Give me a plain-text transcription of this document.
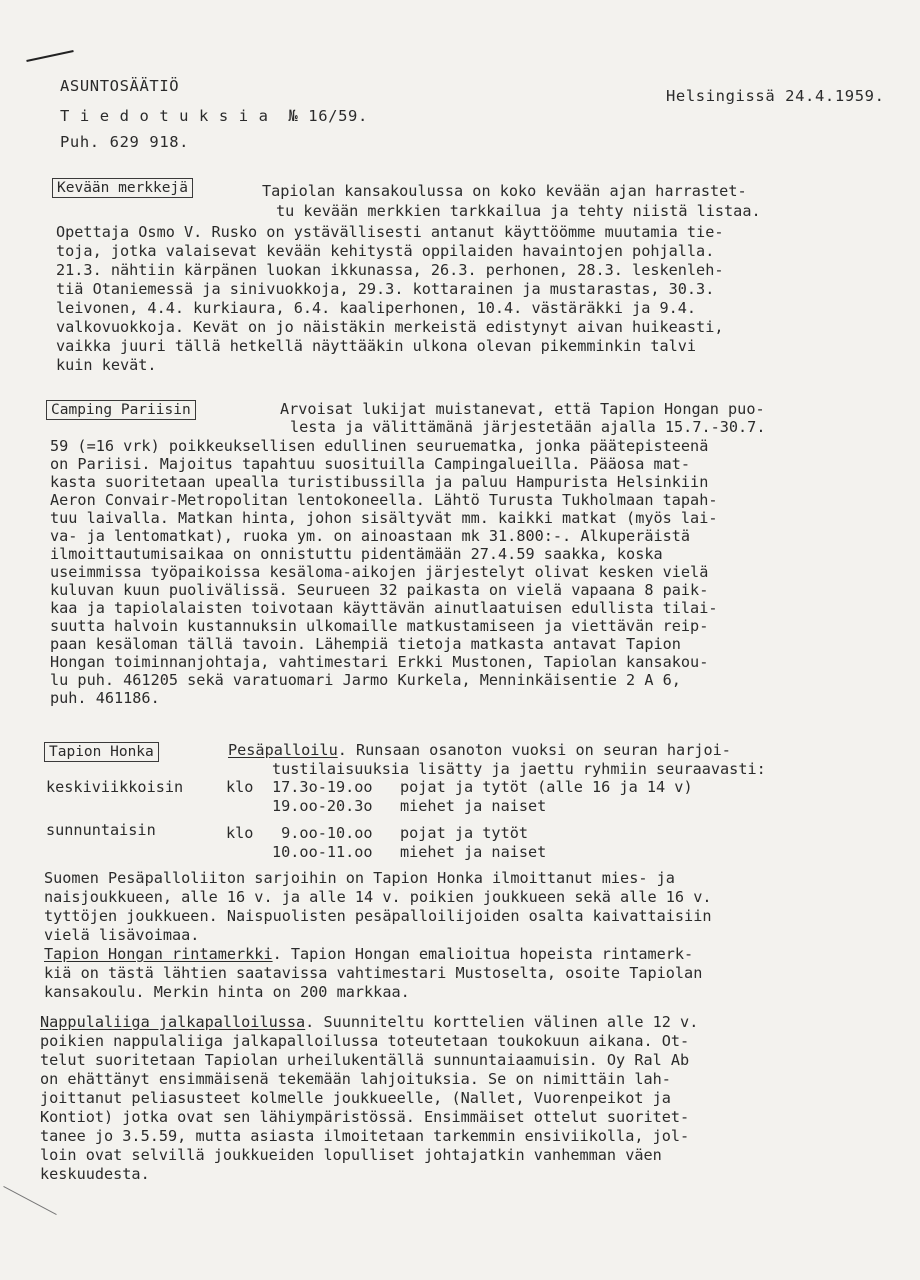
ASUNTOSÄÄTIÖ
T i e d o t u k s i a  № 16/59.
Puh. 629 918.
Helsingissä 24.4.1959.
Kevään merkkejä	Tapiolan kansakoulussa on koko kevään ajan harrastet-
tu kevään merkkien tarkkailua ja tehty niistä listaa.
Opettaja Osmo V. Rusko on ystävällisesti antanut käyttöömme muutamia tie-
toja, jotka valaisevat kevään kehitystä oppilaiden havaintojen pohjalla.
21.3. nähtiin kärpänen luokan ikkunassa, 26.3. perhonen, 28.3. leskenleh-
tiä Otaniemessä ja sinivuokkoja, 29.3. kottarainen ja mustarastas, 30.3.
leivonen, 4.4. kurkiaura, 6.4. kaaliperhonen, 10.4. västäräkki ja 9.4.
valkovuokkoja. Kevät on jo näistäkin merkeistä edistynyt aivan huikeasti,
vaikka juuri tällä hetkellä näyttääkin ulkona olevan pikemminkin talvi
kuin kevät.
Camping Pariisin	Arvoisat lukijat muistanevat, että Tapion Hongan puo-
lesta ja välittämänä järjestetään ajalla 15.7.-30.7.
59 (=16 vrk) poikkeuksellisen edullinen seuruematka, jonka päätepisteenä
on Pariisi. Majoitus tapahtuu suosituilla Campingalueilla. Pääosa mat-
kasta suoritetaan upealla turistibussilla ja paluu Hampurista Helsinkiin
Aeron Convair-Metropolitan lentokoneella. Lähtö Turusta Tukholmaan tapah-
tuu laivalla. Matkan hinta, johon sisältyvät mm. kaikki matkat (myös lai-
va- ja lentomatkat), ruoka ym. on ainoastaan mk 31.800:-. Alkuperäistä
ilmoittautumisaikaa on onnistuttu pidentämään 27.4.59 saakka, koska
useimmissa työpaikoissa kesäloma-aikojen järjestelyt olivat kesken vielä
kuluvan kuun puolivälissä. Seurueen 32 paikasta on vielä vapaana 8 paik-
kaa ja tapiolalaisten toivotaan käyttävän ainutlaatuisen edullista tilai-
suutta halvoin kustannuksin ulkomaille matkustamiseen ja viettävän reip-
paan kesäloman tällä tavoin. Lähempiä tietoja matkasta antavat Tapion
Hongan toiminnanjohtaja, vahtimestari Erkki Mustonen, Tapiolan kansakou-
lu puh. 461205 sekä varatuomari Jarmo Kurkela, Menninkäisentie 2 A 6,
puh. 461186.
Tapion Honka	Pesäpalloilu. Runsaan osanoton vuoksi on seuran harjoi-
tustilaisuuksia lisätty ja jaettu ryhmiin seuraavasti:
keskiviikkoisin	klo 17.3o-19.oo pojat ja tytöt (alle 16 ja 14 v)
19.oo-20.3o miehet ja naiset
sunnuntaisin	klo 9.oo-10.oo pojat ja tytöt
10.oo-11.oo miehet ja naiset
Suomen Pesäpalloliiton sarjoihin on Tapion Honka ilmoittanut mies- ja
naisjoukkueen, alle 16 v. ja alle 14 v. poikien joukkueen sekä alle 16 v.
tyttöjen joukkueen. Naispuolisten pesäpalloilijoiden osalta kaivattaisiin
vielä lisävoimaa.
Tapion Hongan rintamerkki. Tapion Hongan emalioitua hopeista rintamerk-
kiä on tästä lähtien saatavissa vahtimestari Mustoselta, osoite Tapiolan
kansakoulu. Merkin hinta on 200 markkaa.
Nappulaliiga jalkapalloilussa. Suunniteltu korttelien välinen alle 12 v.
poikien nappulaliiga jalkapalloilussa toteutetaan toukokuun aikana. Ot-
telut suoritetaan Tapiolan urheilukentällä sunnuntaiaamuisin. Oy Ral Ab
on ehättänyt ensimmäisenä tekemään lahjoituksia. Se on nimittäin lah-
joittanut peliasusteet kolmelle joukkueelle, (Nallet, Vuorenpeikot ja
Kontiot) jotka ovat sen lähiympäristössä. Ensimmäiset ottelut suoritet-
tanee jo 3.5.59, mutta asiasta ilmoitetaan tarkemmin ensiviikolla, jol-
loin ovat selvillä joukkueiden lopulliset johtajatkin vanhemman väen
keskuudesta.
